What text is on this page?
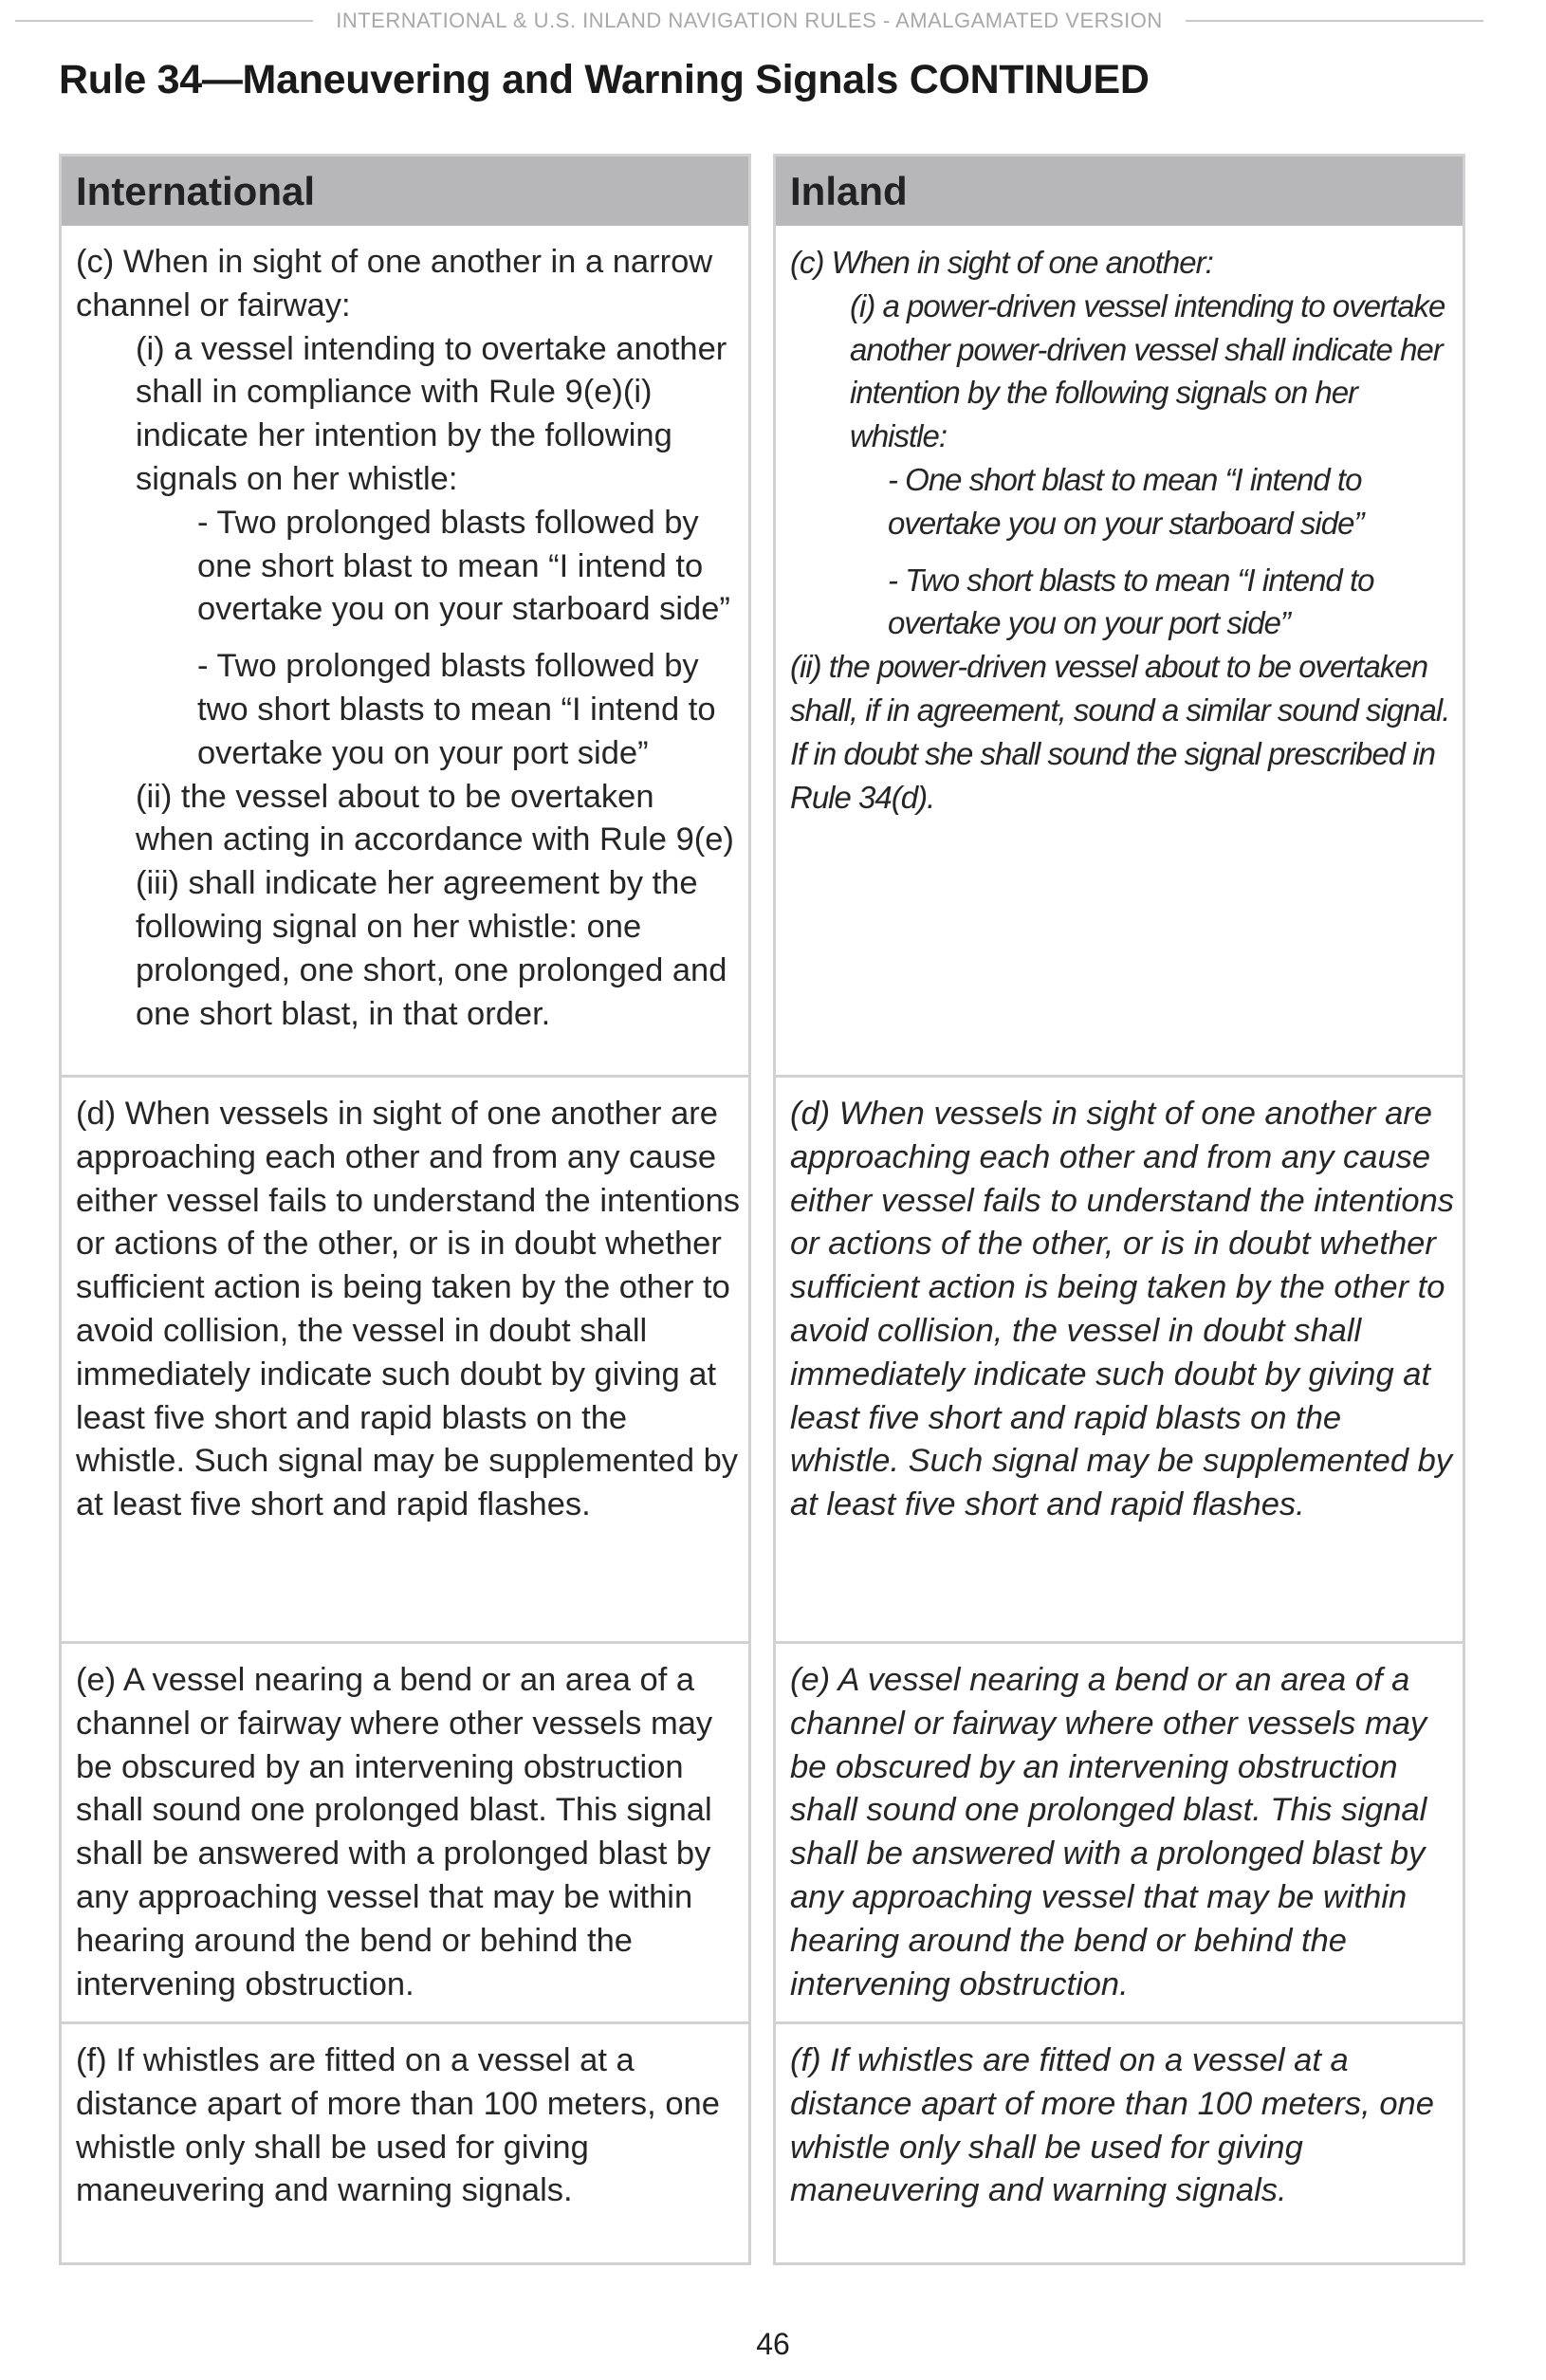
INTERNATIONAL & U.S. INLAND NAVIGATION RULES - AMALGAMATED VERSION
Rule 34—Maneuvering and Warning Signals CONTINUED
International

(c) When in sight of one another in a narrow channel or fairway:

(i) a vessel intending to overtake another shall in compliance with Rule 9(e)(i) indicate her intention by the following signals on her whistle:

- Two prolonged blasts followed by one short blast to mean “I intend to overtake you on your starboard side”

- Two prolonged blasts followed by two short blasts to mean “I intend to overtake you on your port side”

(ii) the vessel about to be overtaken when acting in accordance with Rule 9(e)(iii) shall indicate her agreement by the following signal on her whistle: one prolonged, one short, one prolonged and one short blast, in that order.

(d) When vessels in sight of one another are approaching each other and from any cause either vessel fails to understand the intentions or actions of the other, or is in doubt whether sufficient action is being taken by the other to avoid collision, the vessel in doubt shall immediately indicate such doubt by giving at least five short and rapid blasts on the whistle. Such signal may be supplemented by at least five short and rapid flashes.

(e) A vessel nearing a bend or an area of a channel or fairway where other vessels may be obscured by an intervening obstruction shall sound one prolonged blast. This signal shall be answered with a prolonged blast by any approaching vessel that may be within hearing around the bend or behind the intervening obstruction.

(f) If whistles are fitted on a vessel at a distance apart of more than 100 meters, one whistle only shall be used for giving maneuvering and warning signals.

Inland

(c) When in sight of one another:

(i) a power-driven vessel intending to overtake another power-driven vessel shall indicate her intention by the following signals on her whistle:

- One short blast to mean “I intend to overtake you on your starboard side”

- Two short blasts to mean “I intend to overtake you on your port side”

(ii) the power-driven vessel about to be overtaken shall, if in agreement, sound a similar sound signal. If in doubt she shall sound the signal prescribed in Rule 34(d).

(d) When vessels in sight of one another are approaching each other and from any cause either vessel fails to understand the intentions or actions of the other, or is in doubt whether sufficient action is being taken by the other to avoid collision, the vessel in doubt shall immediately indicate such doubt by giving at least five short and rapid blasts on the whistle. Such signal may be supplemented by at least five short and rapid flashes.

(e) A vessel nearing a bend or an area of a channel or fairway where other vessels may be obscured by an intervening obstruction shall sound one prolonged blast. This signal shall be answered with a prolonged blast by any approaching vessel that may be within hearing around the bend or behind the intervening obstruction.

(f) If whistles are fitted on a vessel at a distance apart of more than 100 meters, one whistle only shall be used for giving maneuvering and warning signals.

46
